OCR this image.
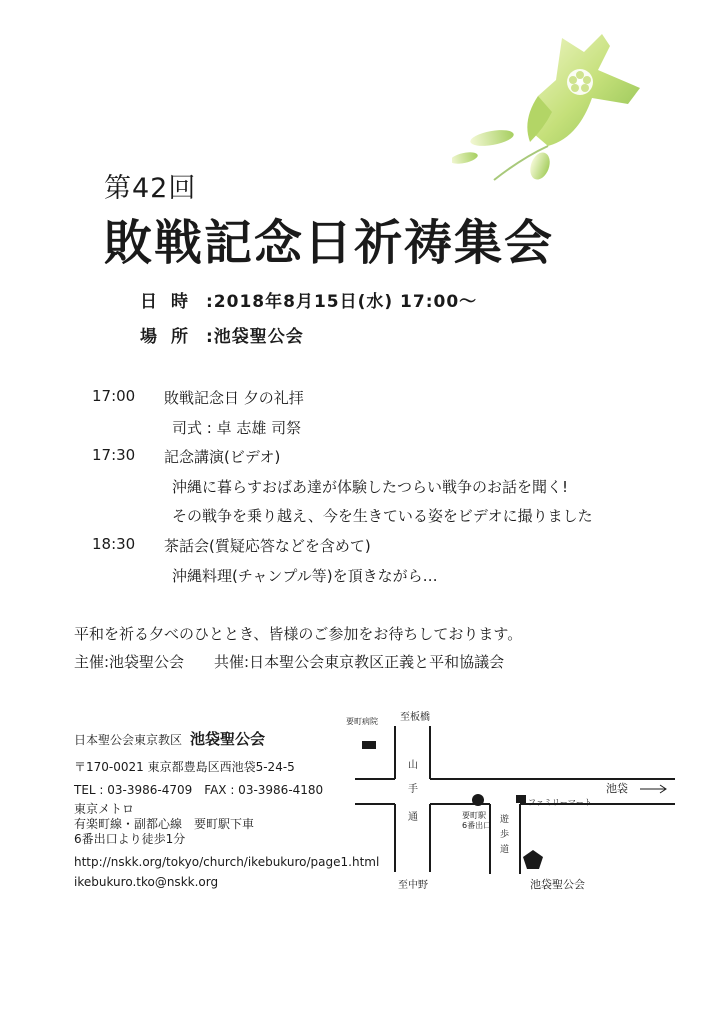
第42回
敗戦記念日祈祷集会
日時 :2018年8月15日(水) 17:00〜
場所 :池袋聖公会
17:00	敗戦記念日 夕の礼拝
司式 : 卓 志雄 司祭
17:30	記念講演(ビデオ)
沖縄に暮らすおばあ達が体験したつらい戦争のお話を聞く!
その戦争を乗り越え、今を生きている姿をビデオに撮りました
18:30	茶話会(質疑応答などを含めて)
沖縄料理(チャンプル等)を頂きながら…
平和を祈る夕べのひととき、皆様のご参加をお待ちしております。
主催:池袋聖公会　　共催:日本聖公会東京教区正義と平和協議会
日本聖公会東京教区 池袋聖公会
〒170-0021 東京都豊島区西池袋5-24-5
TEL : 03-3986-4709　FAX : 03-3986-4180
東京メトロ
有楽町線・副都心線　要町駅下車
6番出口より徒歩1分
http://nskk.org/tokyo/church/ikebukuro/page1.html
ikebukuro.tko@nskk.org
至板橋
至中野
要町病院
山
手
通
池袋
要町駅
6番出口
ファミリーマート
遊
歩
道
池袋聖公会
